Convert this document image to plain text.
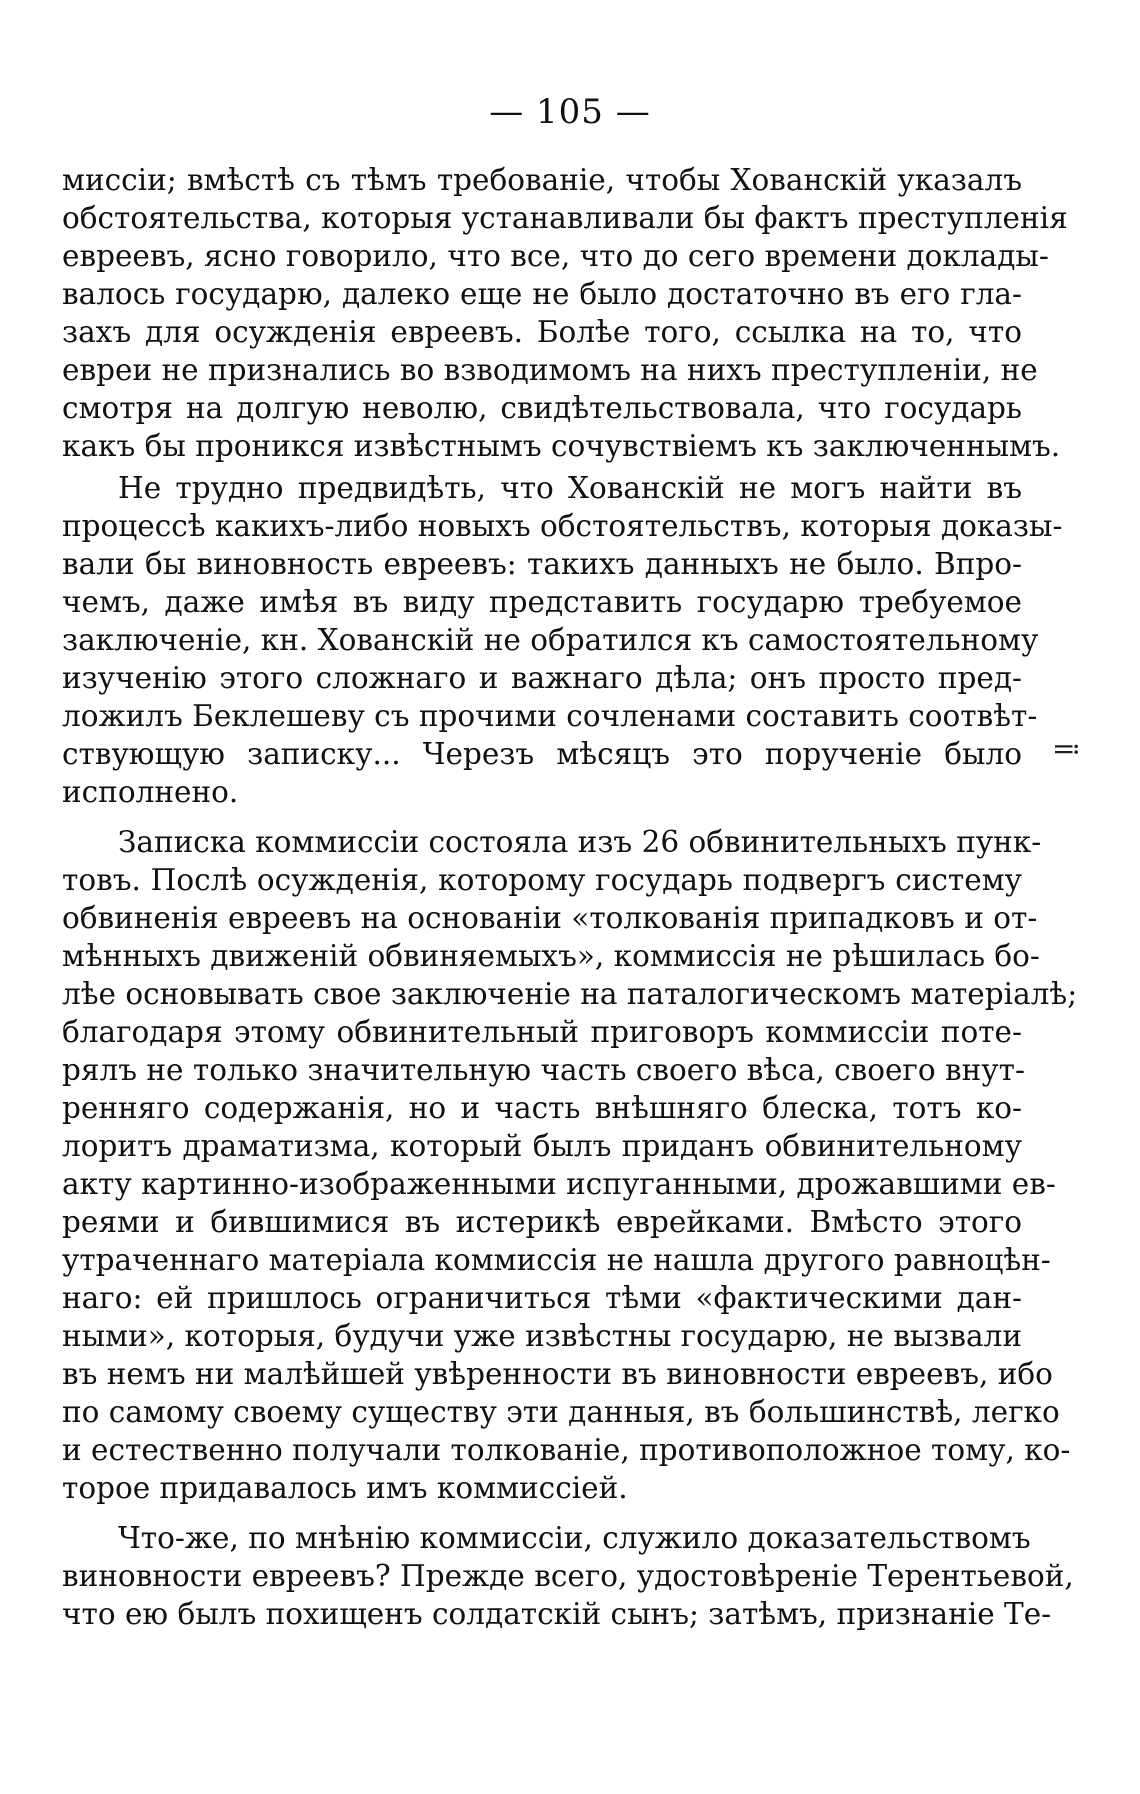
— 105 —
≕
миссіи; вмѣстѣ съ тѣмъ требованіе, чтобы Хованскій указалъ
обстоятельства, которыя устанавливали бы фактъ преступленія
евреевъ, ясно говорило, что все, что до сего времени доклады-
валось государю, далеко еще не было достаточно въ его гла-
захъ для осужденія евреевъ. Болѣе того, ссылка на то, что
евреи не признались во взводимомъ на нихъ преступленіи, не
смотря на долгую неволю, свидѣтельствовала, что государь
какъ бы проникся извѣстнымъ сочувствіемъ къ заключеннымъ.
Не трудно предвидѣть, что Хованскій не могъ найти въ
процессѣ какихъ-либо новыхъ обстоятельствъ, которыя доказы-
вали бы виновность евреевъ: такихъ данныхъ не было. Впро-
чемъ, даже имѣя въ виду представить государю требуемое
заключеніе, кн. Хованскій не обратился къ самостоятельному
изученію этого сложнаго и важнаго дѣла; онъ просто пред-
ложилъ Беклешеву съ прочими сочленами составить соотвѣт-
ствующую записку... Черезъ мѣсяцъ это порученіе было
исполнено.
Записка коммиссіи состояла изъ 26 обвинительныхъ пунк-
товъ. Послѣ осужденія, которому государь подвергъ систему
обвиненія евреевъ на основаніи «толкованія припадковъ и от-
мѣнныхъ движеній обвиняемыхъ», коммиссія не рѣшилась бо-
лѣе основывать свое заключеніе на паталогическомъ матеріалѣ;
благодаря этому обвинительный приговоръ коммиссіи поте-
рялъ не только значительную часть своего вѣса, своего внут-
ренняго содержанія, но и часть внѣшняго блеска, тотъ ко-
лоритъ драматизма, который былъ приданъ обвинительному
акту картинно-изображенными испуганными, дрожавшими ев-
реями и бившимися въ истерикѣ еврейками. Вмѣсто этого
утраченнаго матеріала коммиссія не нашла другого равноцѣн-
наго: ей пришлось ограничиться тѣми «фактическими дан-
ными», которыя, будучи уже извѣстны государю, не вызвали
въ немъ ни малѣйшей увѣренности въ виновности евреевъ, ибо
по самому своему существу эти данныя, въ большинствѣ, легко
и естественно получали толкованіе, противоположное тому, ко-
торое придавалось имъ коммиссіей.
Что-же, по мнѣнію коммиссіи, служило доказательствомъ
виновности евреевъ? Прежде всего, удостовѣреніе Терентьевой,
что ею былъ похищенъ солдатскій сынъ; затѣмъ, признаніе Те-
